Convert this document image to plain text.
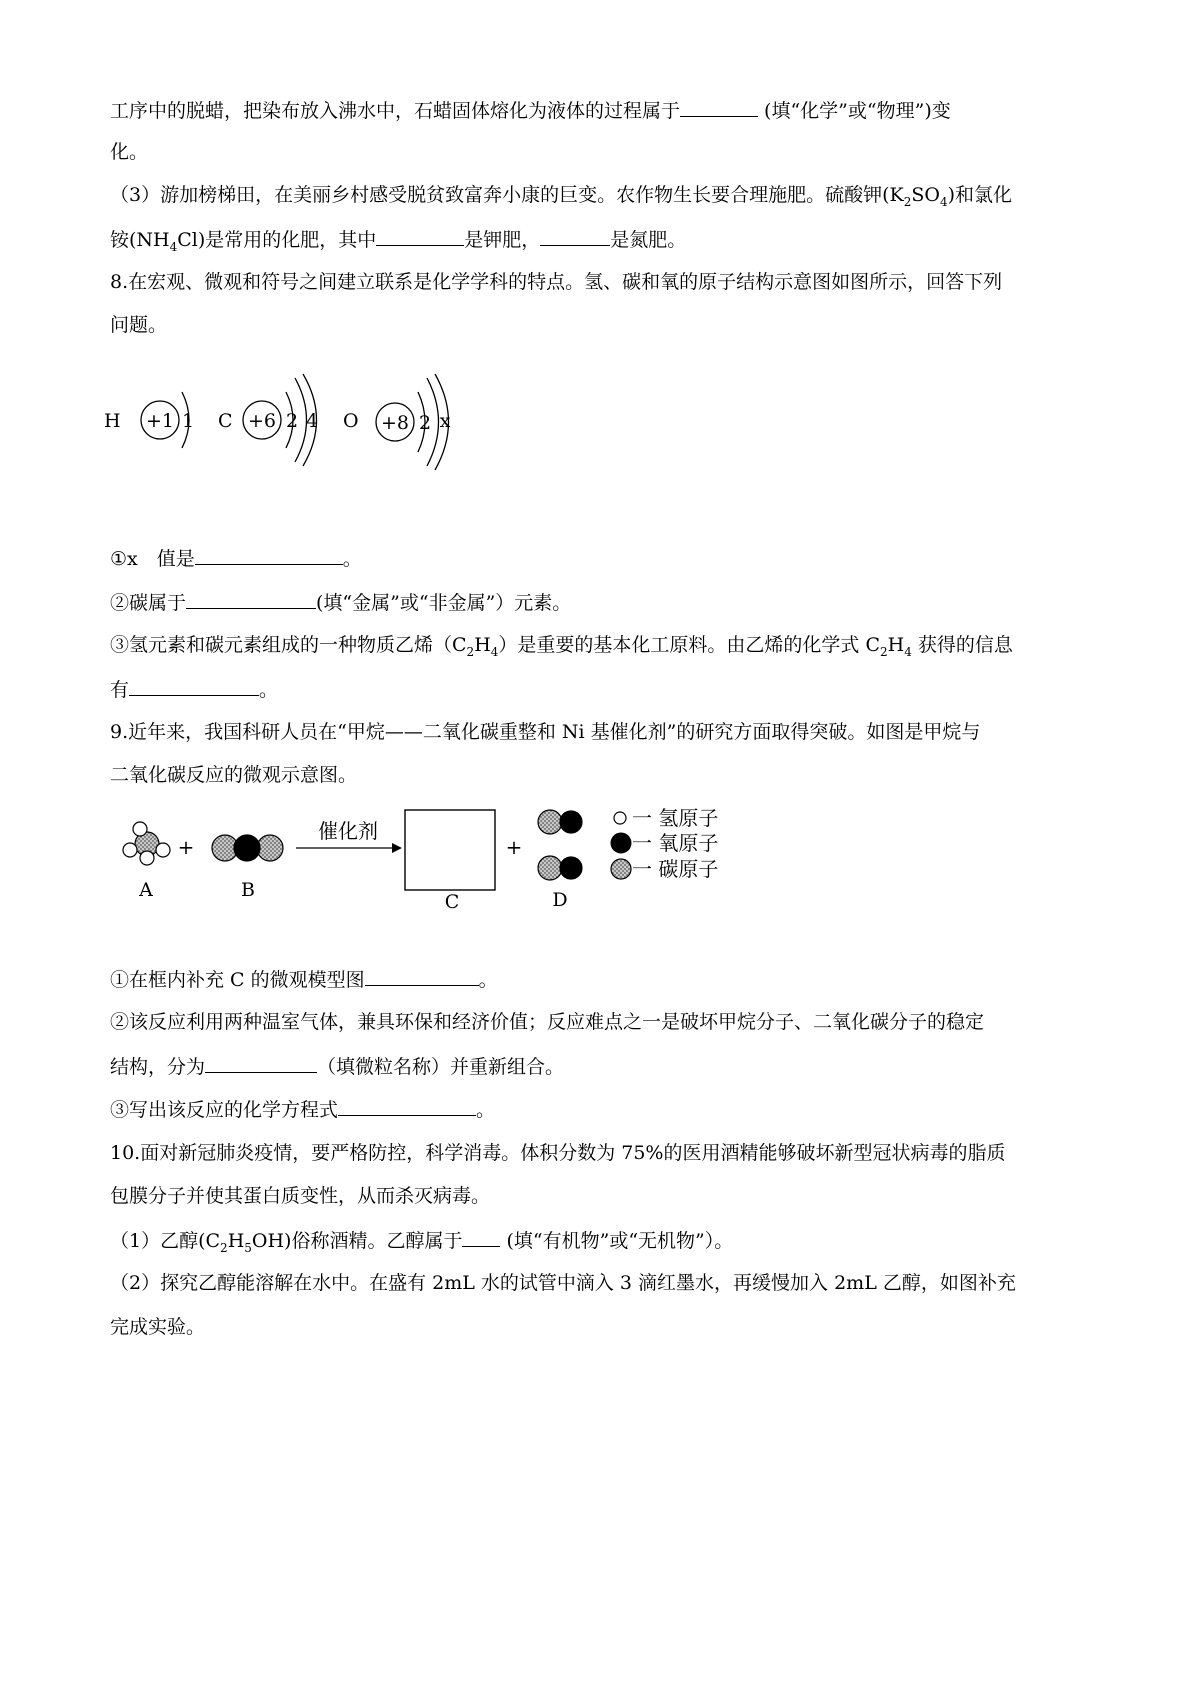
工序中的脱蜡，把染布放入沸水中，石蜡固体熔化为液体的过程属于	(填“化学”或“物理”)变
化。
（3）游加榜梯田，在美丽乡村感受脱贫致富奔小康的巨变。农作物生长要合理施肥。硫酸钾$(K_2SO_4)$和氯化
铵$(NH_4Cl)$是常用的化肥，其中	是钾肥，	是氮肥。
8.在宏观、微观和符号之间建立联系是化学学科的特点。氢、碳和氧的原子结构示意图如图所示，回答下列
问题。
H +1 1 C +6 2 4 O +8 2 x
①x　值是	。
②碳属于	(填“金属”或“非金属”）元素。
③氢元素和碳元素组成的一种物质乙烯$(C_2H_4)$是重要的基本化工原料。由乙烯的化学式 $C_2H_4$ 获得的信息
有	。
9.近年来，我国科研人员在“甲烷——二氧化碳重整和 Ni 基催化剂”的研究方面取得突破。如图是甲烷与
二氧化碳反应的微观示意图。
A
+
B
催化剂
C
+
D
一 氢原子
一 氧原子
一 碳原子
①在框内补充 C 的微观模型图	。
②该反应利用两种温室气体，兼具环保和经济价值；反应难点之一是破坏甲烷分子、二氧化碳分子的稳定
结构，分为	（填微粒名称）并重新组合。
③写出该反应的化学方程式	。
10.面对新冠肺炎疫情，要严格防控，科学消毒。体积分数为 75%的医用酒精能够破坏新型冠状病毒的脂质
包膜分子并使其蛋白质变性，从而杀灭病毒。
（1）乙醇$(C_2H_5OH)$俗称酒精。乙醇属于 (填“有机物”或“无机物”）。
（2）探究乙醇能溶解在水中。在盛有 2mL 水的试管中滴入 3 滴红墨水，再缓慢加入 2mL 乙醇，如图补充
完成实验。
